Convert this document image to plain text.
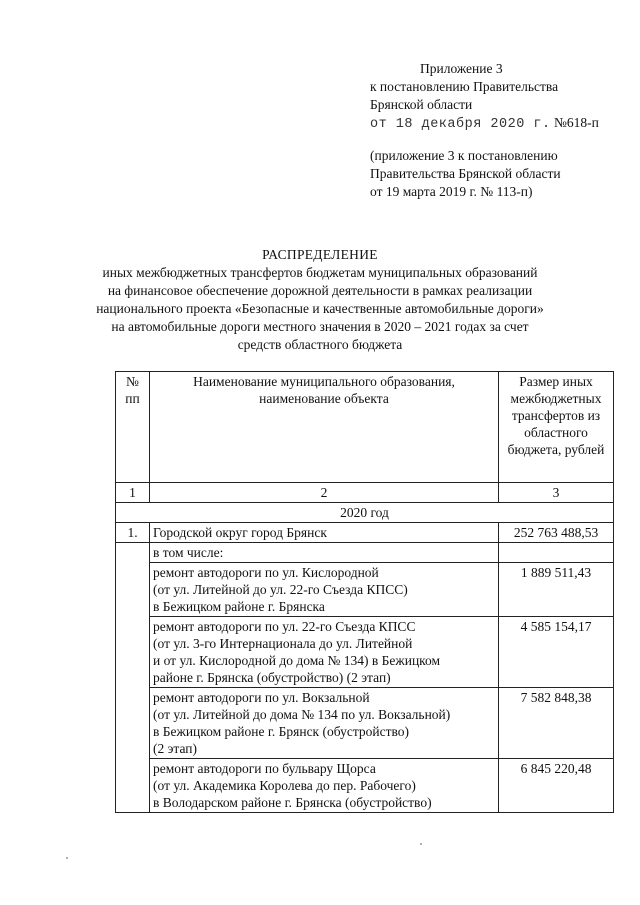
Приложение 3
к постановлению Правительства
Брянской области
от 18 декабря 2020 г. №618-п
(приложение 3 к постановлению
Правительства Брянской области
от 19 марта 2019 г. № 113-п)
РАСПРЕДЕЛЕНИЕ
иных межбюджетных трансфертов бюджетам муниципальных образований
на финансовое обеспечение дорожной деятельности в рамках реализации
национального проекта «Безопасные и качественные автомобильные дороги»
на автомобильные дороги местного значения в 2020 – 2021 годах за счет
средств областного бюджета
№ пп	Наименование муниципального образования, наименование объекта	Размер иных межбюджетных трансфертов из областного бюджета, рублей
1	2	3
2020 год		
1.	Городской округ город Брянск	252 763 488,53
	в том числе:	

	ремонт автодороги по ул. Кислородной
(от ул. Литейной до ул. 22-го Съезда КПСС)
в Бежицком районе г. Брянска	1 889 511,43

	ремонт автодороги по ул. 22-го Съезда КПСС
(от ул. 3-го Интернационала до ул. Литейной
и от ул. Кислородной до дома № 134) в Бежицком
районе г. Брянска (обустройство) (2 этап)	4 585 154,17

	ремонт автодороги по ул. Вокзальной
(от ул. Литейной до дома № 134 по ул. Вокзальной)
в Бежицком районе г. Брянск (обустройство)
(2 этап)	7 582 848,38

	ремонт автодороги по бульвару Щорса
(от ул. Академика Королева до пер. Рабочего)
в Володарском районе г. Брянска (обустройство)	6 845 220,48
